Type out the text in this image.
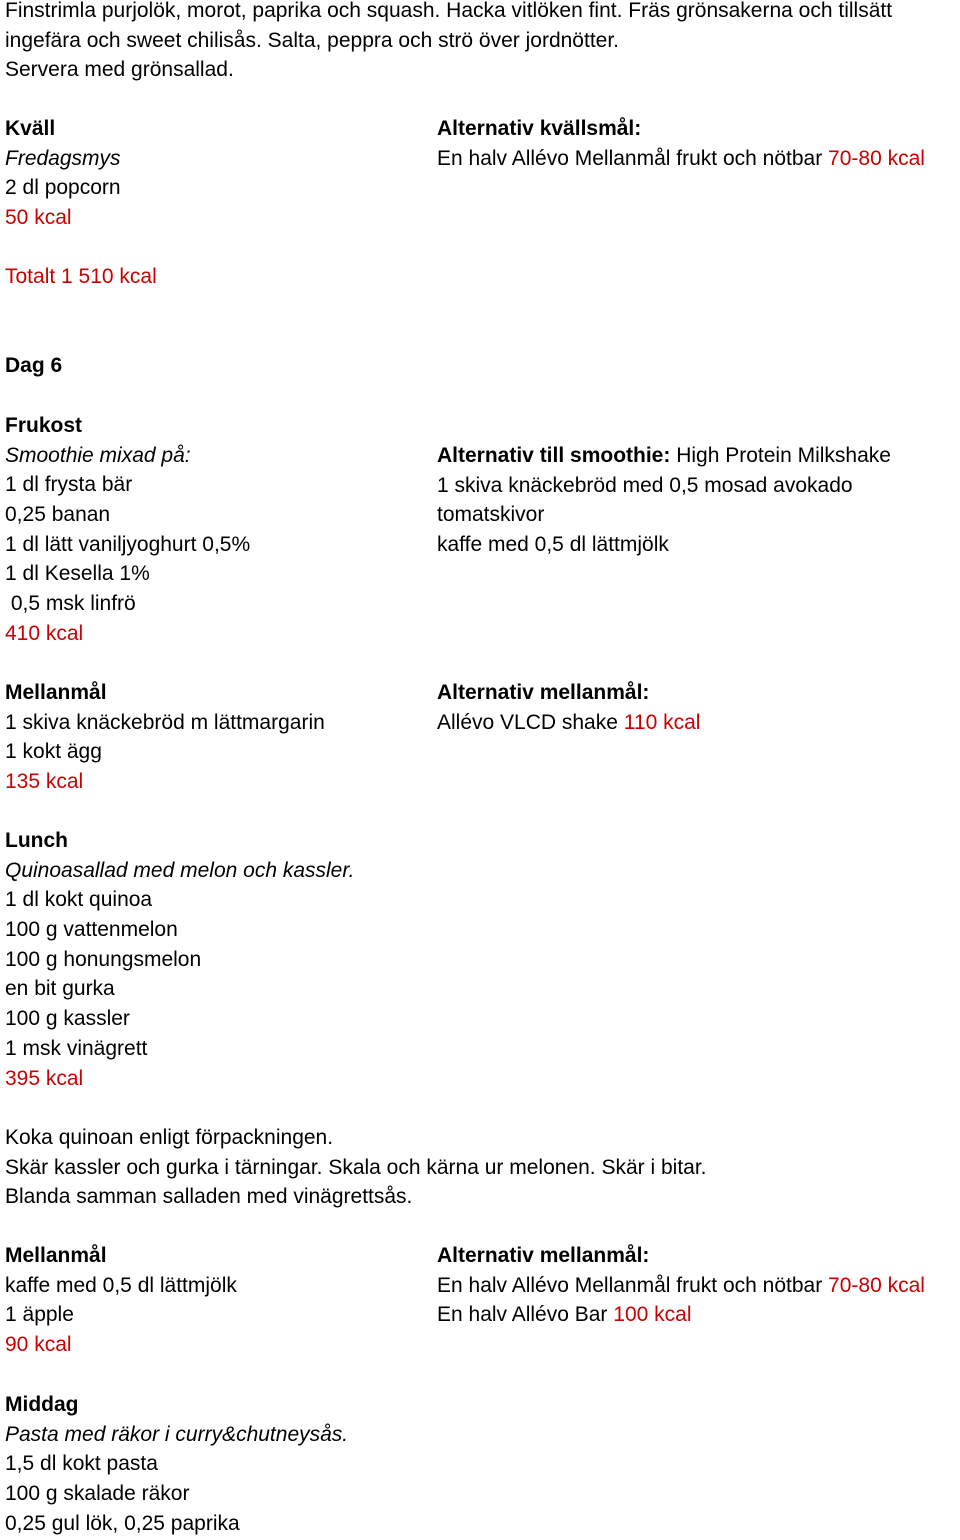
Finstrimla purjolök, morot, paprika och squash. Hacka vitlöken fint. Fräs grönsakerna och tillsätt
ingefära och sweet chilisås. Salta, peppra och strö över jordnötter.
Servera med grönsallad.
Kväll
Fredagsmys
2 dl popcorn
50 kcal
Alternativ kvällsmål:
En halv Allévo Mellanmål frukt och nötbar 70-80 kcal
Totalt 1 510 kcal
Dag 6
Frukost
Smoothie mixad på:
1 dl frysta bär
0,25 banan
1 dl lätt vaniljyoghurt 0,5%
1 dl Kesella 1%
0,5 msk linfrö
410 kcal
Alternativ till smoothie: High Protein Milkshake
1 skiva knäckebröd med 0,5 mosad avokado
tomatskivor
kaffe med 0,5 dl lättmjölk
Mellanmål
1 skiva knäckebröd m lättmargarin
1 kokt ägg
135 kcal
Alternativ mellanmål:
Allévo VLCD shake 110 kcal
Lunch
Quinoasallad med melon och kassler.
1 dl kokt quinoa
100 g vattenmelon
100 g honungsmelon
en bit gurka
100 g kassler
1 msk vinägrett
395 kcal
Koka quinoan enligt förpackningen.
Skär kassler och gurka i tärningar. Skala och kärna ur melonen. Skär i bitar.
Blanda samman salladen med vinägrettsås.
Mellanmål
kaffe med 0,5 dl lättmjölk
1 äpple
90 kcal
Alternativ mellanmål:
En halv Allévo Mellanmål frukt och nötbar 70-80 kcal
En halv Allévo Bar 100 kcal
Middag
Pasta med räkor i curry&chutneysås.
1,5 dl kokt pasta
100 g skalade räkor
0,25 gul lök, 0,25 paprika
